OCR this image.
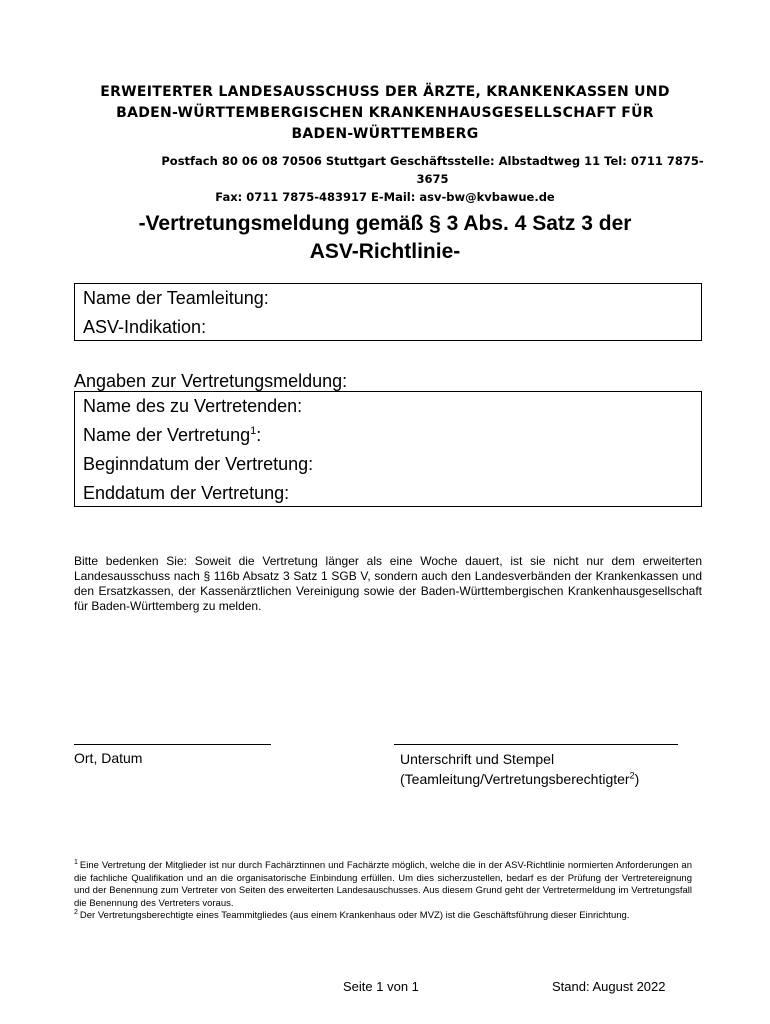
ERWEITERTER LANDESAUSSCHUSS DER ÄRZTE, KRANKENKASSEN UND
BADEN-WÜRTTEMBERGISCHEN KRANKENHAUSGESELLSCHAFT FÜR
BADEN-WÜRTTEMBERG
Postfach 80 06 08 70506 Stuttgart Geschäftsstelle: Albstadtweg 11 Tel: 0711 7875-3675
Fax: 0711 7875-483917 E-Mail: asv-bw@kvbawue.de
-Vertretungsmeldung gemäß § 3 Abs. 4 Satz 3 der
ASV-Richtlinie-
Name der Teamleitung:
ASV-Indikation:
Angaben zur Vertretungsmeldung:
Name des zu Vertretenden:
Name der Vertretung$^1$:
Beginndatum der Vertretung:
Enddatum der Vertretung:
Bitte bedenken Sie: Soweit die Vertretung länger als eine Woche dauert, ist sie nicht nur dem erweiterten Landesausschuss nach § 116b Absatz 3 Satz 1 SGB V, sondern auch den Landesverbänden der Krankenkassen und den Ersatzkassen, der Kassenärztlichen Vereinigung sowie der Baden-Württembergischen Krankenhausgesellschaft für Baden-Württemberg zu melden.
Ort, Datum	Unterschrift und Stempel
(Teamleitung/Vertretungsberechtigter$^2$)
$^1$ Eine Vertretung der Mitglieder ist nur durch Fachärztinnen und Fachärzte möglich, welche die in der ASV-Richtlinie normierten Anforderungen an die fachliche Qualifikation und an die organisatorische Einbindung erfüllen. Um dies sicherzustellen, bedarf es der Prüfung der Vertretereignung und der Benennung zum Vertreter von Seiten des erweiterten Landesauschusses. Aus diesem Grund geht der Vertretermeldung im Vertretungsfall die Benennung des Vertreters voraus.
$^2$ Der Vertretungsberechtigte eines Teammitgliedes (aus einem Krankenhaus oder MVZ) ist die Geschäftsführung dieser Einrichtung.
Seite 1 von 1	Stand: August 2022
